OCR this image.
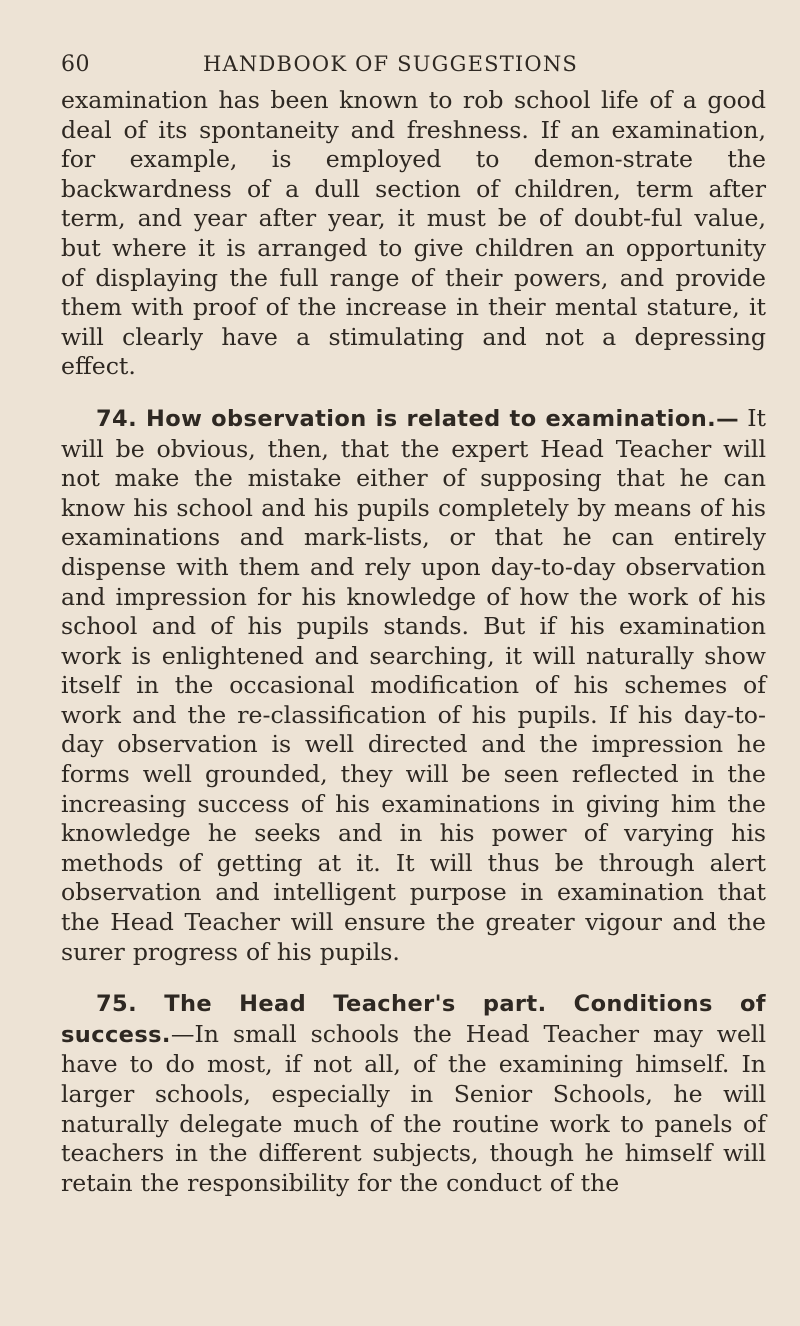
60	HANDBOOK OF SUGGESTIONS

examination has been known to rob school life of a good deal of its spontaneity and freshness. If an examination, for example, is employed to demon-strate the backwardness of a dull section of children, term after term, and year after year, it must be of doubt-ful value, but where it is arranged to give children an opportunity of displaying the full range of their powers, and provide them with proof of the increase in their mental stature, it will clearly have a stimulating and not a depressing effect.

74. How observation is related to examination.— It will be obvious, then, that the expert Head Teacher will not make the mistake either of supposing that he can know his school and his pupils completely by means of his examinations and mark-lists, or that he can entirely dispense with them and rely upon day-to-day observation and impression for his knowledge of how the work of his school and of his pupils stands. But if his examination work is enlightened and searching, it will naturally show itself in the occasional modification of his schemes of work and the re-classification of his pupils. If his day-to-day observation is well directed and the impression he forms well grounded, they will be seen reflected in the increasing success of his examinations in giving him the knowledge he seeks and in his power of varying his methods of getting at it. It will thus be through alert observation and intelligent purpose in examination that the Head Teacher will ensure the greater vigour and the surer progress of his pupils.

75. The Head Teacher's part. Conditions of success.—In small schools the Head Teacher may well have to do most, if not all, of the examining himself. In larger schools, especially in Senior Schools, he will naturally delegate much of the routine work to panels of teachers in the different subjects, though he himself will retain the responsibility for the conduct of the
